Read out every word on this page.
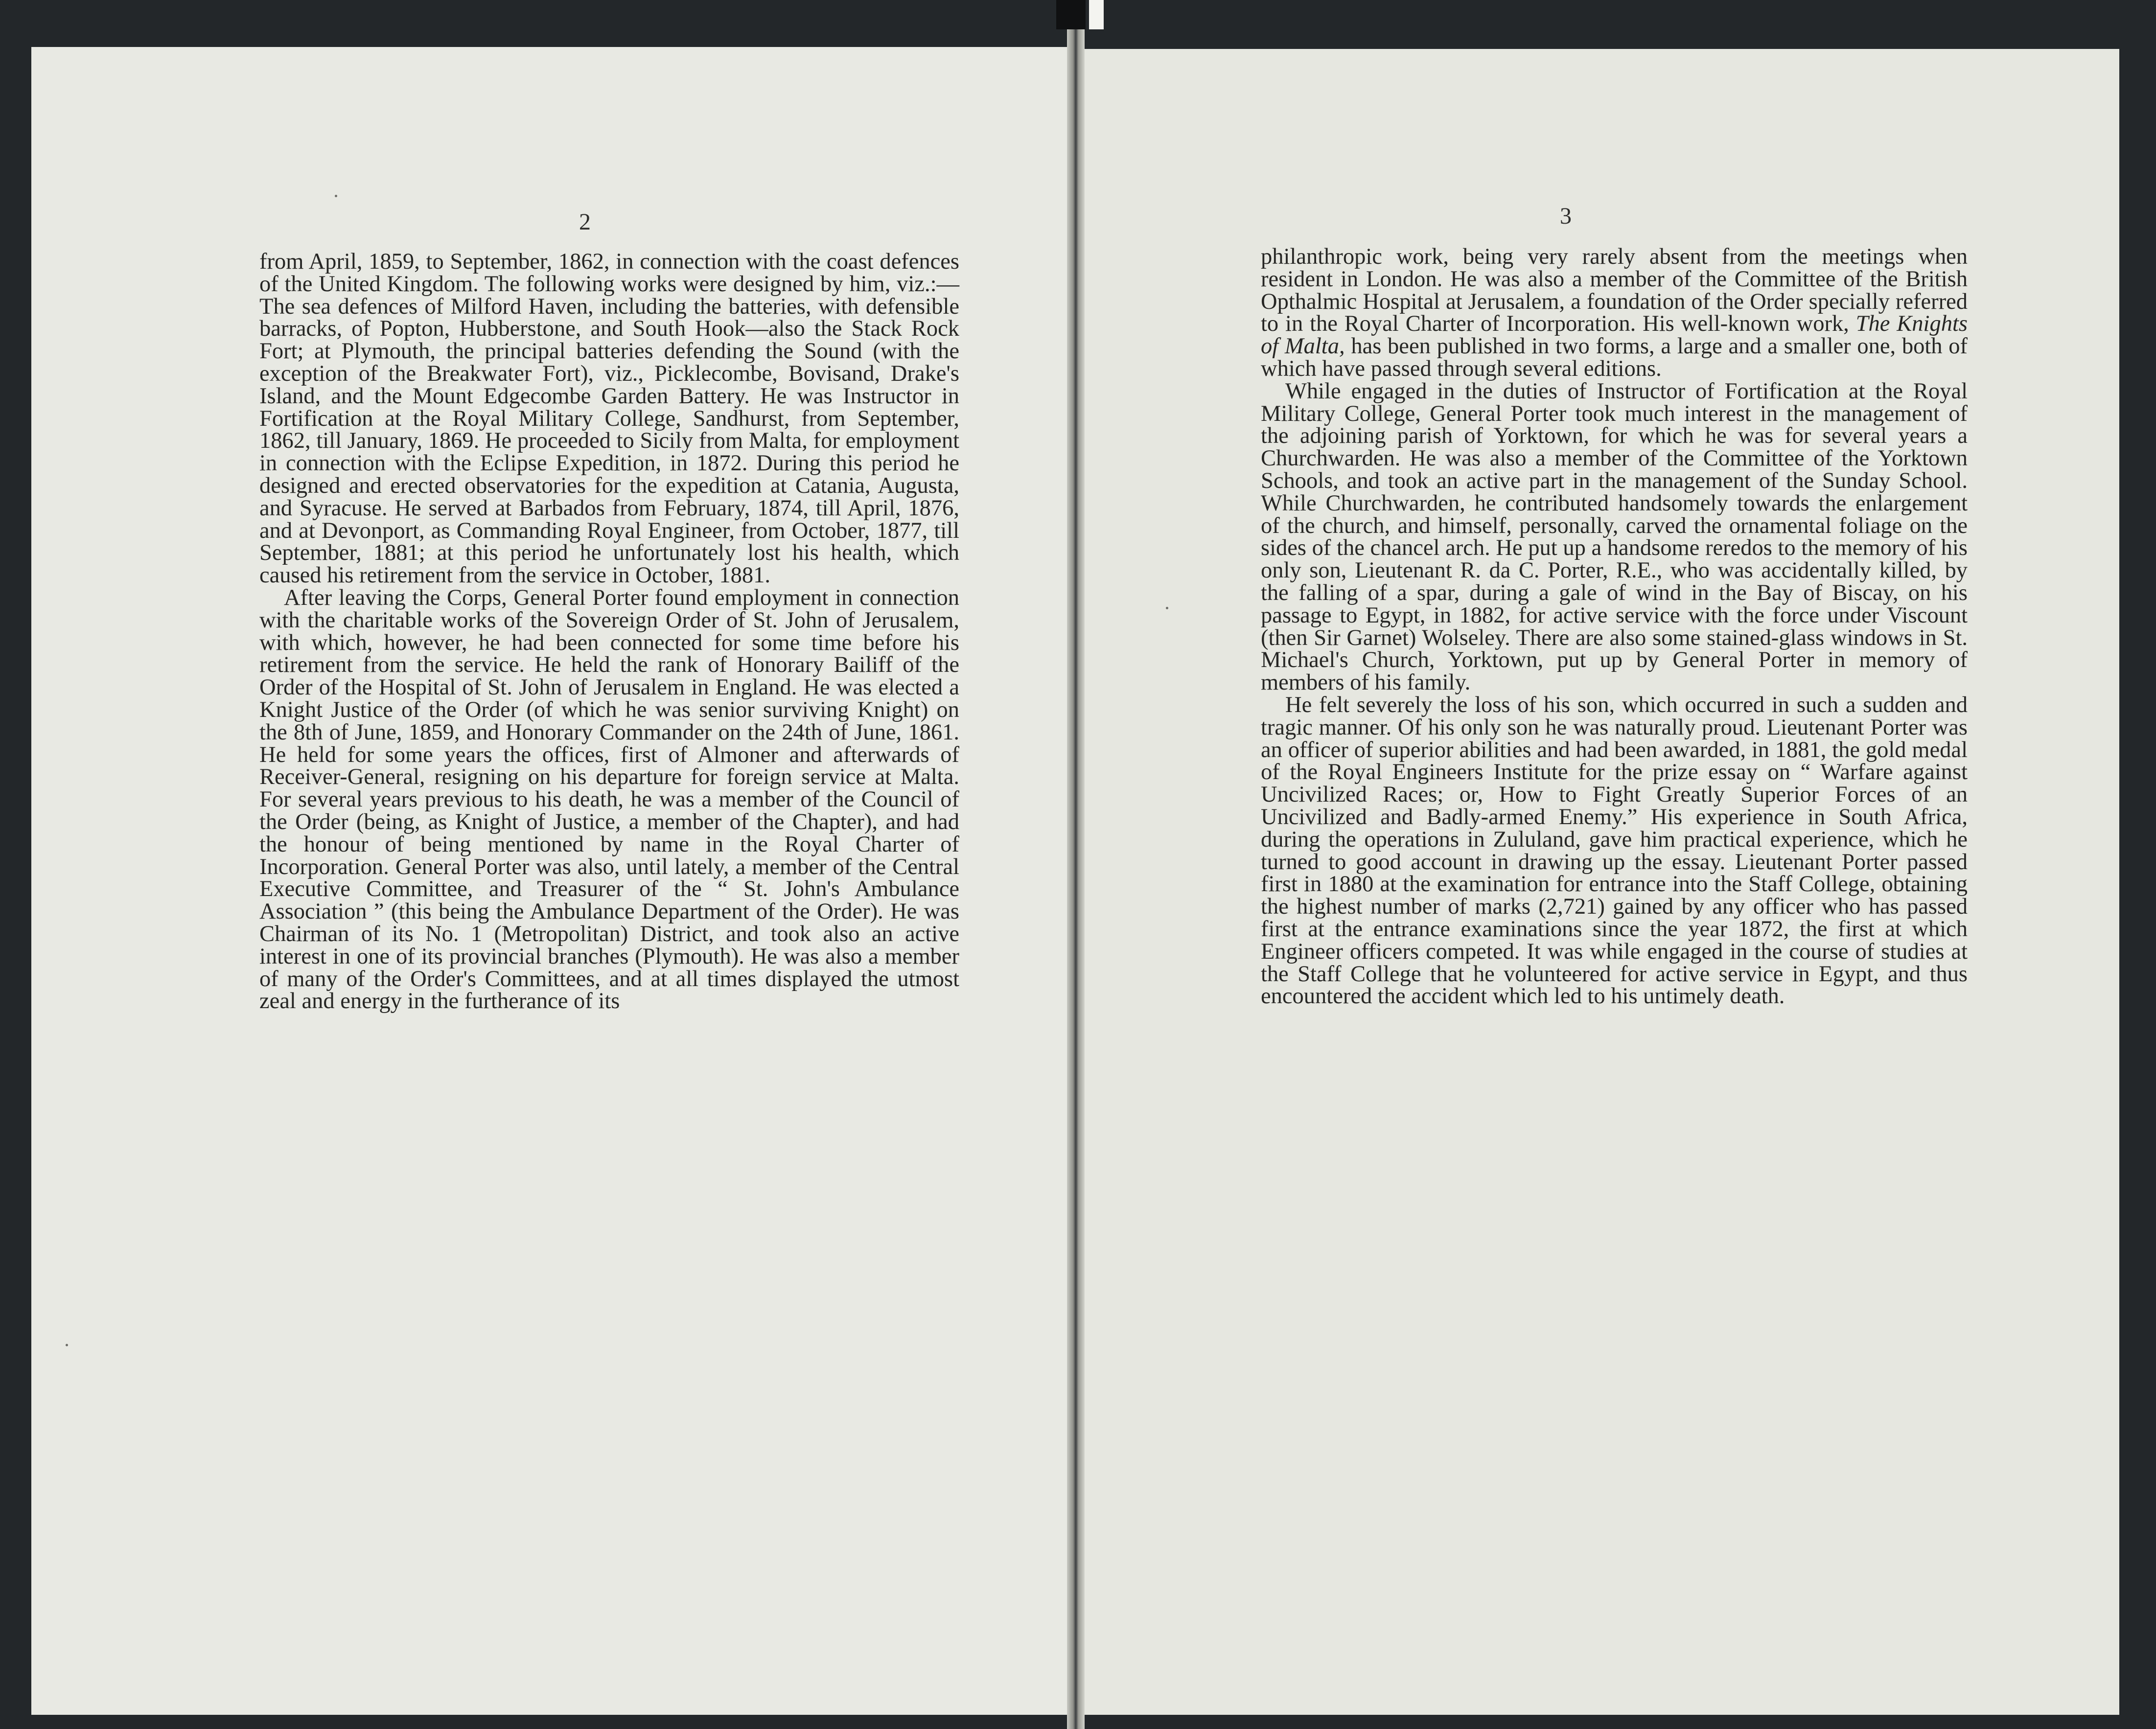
2

from April, 1859, to September, 1862, in connection with the coast defences of the United Kingdom. The following works were designed by him, viz.:—The sea defences of Milford Haven, including the batteries, with defensible barracks, of Popton, Hubberstone, and South Hook—also the Stack Rock Fort; at Plymouth, the principal batteries defending the Sound (with the exception of the Breakwater Fort), viz., Picklecombe, Bovisand, Drake's Island, and the Mount Edgecombe Garden Battery. He was Instructor in Fortification at the Royal Military College, Sandhurst, from September, 1862, till January, 1869. He proceeded to Sicily from Malta, for employment in connection with the Eclipse Expedition, in 1872. During this period he designed and erected observatories for the expedition at Catania, Augusta, and Syracuse. He served at Barbados from February, 1874, till April, 1876, and at Devonport, as Commanding Royal Engineer, from October, 1877, till September, 1881; at this period he unfortunately lost his health, which caused his retirement from the service in October, 1881.

After leaving the Corps, General Porter found employment in connection with the charitable works of the Sovereign Order of St. John of Jerusalem, with which, however, he had been connected for some time before his retirement from the service. He held the rank of Honorary Bailiff of the Order of the Hospital of St. John of Jerusalem in England. He was elected a Knight Justice of the Order (of which he was senior surviving Knight) on the 8th of June, 1859, and Honorary Commander on the 24th of June, 1861. He held for some years the offices, first of Almoner and afterwards of Receiver-General, resigning on his departure for foreign service at Malta. For several years previous to his death, he was a member of the Council of the Order (being, as Knight of Justice, a member of the Chapter), and had the honour of being mentioned by name in the Royal Charter of Incorporation. General Porter was also, until lately, a member of the Central Executive Committee, and Treasurer of the “ St. John's Ambulance Association ” (this being the Ambulance Department of the Order). He was Chairman of its No. 1 (Metropolitan) District, and took also an active interest in one of its provincial branches (Plymouth). He was also a member of many of the Order's Committees, and at all times displayed the utmost zeal and energy in the furtherance of its

3

philanthropic work, being very rarely absent from the meetings when resident in London. He was also a member of the Committee of the British Opthalmic Hospital at Jerusalem, a foundation of the Order specially referred to in the Royal Charter of Incorporation. His well-known work, The Knights of Malta, has been published in two forms, a large and a smaller one, both of which have passed through several editions.

While engaged in the duties of Instructor of Fortification at the Royal Military College, General Porter took much interest in the management of the adjoining parish of Yorktown, for which he was for several years a Churchwarden. He was also a member of the Committee of the Yorktown Schools, and took an active part in the management of the Sunday School. While Churchwarden, he contributed handsomely towards the enlargement of the church, and himself, personally, carved the ornamental foliage on the sides of the chancel arch. He put up a handsome reredos to the memory of his only son, Lieutenant R. da C. Porter, R.E., who was accidentally killed, by the falling of a spar, during a gale of wind in the Bay of Biscay, on his passage to Egypt, in 1882, for active service with the force under Viscount (then Sir Garnet) Wolseley. There are also some stained-glass windows in St. Michael's Church, Yorktown, put up by General Porter in memory of members of his family.

He felt severely the loss of his son, which occurred in such a sudden and tragic manner. Of his only son he was naturally proud. Lieutenant Porter was an officer of superior abilities and had been awarded, in 1881, the gold medal of the Royal Engineers Institute for the prize essay on “ Warfare against Uncivilized Races; or, How to Fight Greatly Superior Forces of an Uncivilized and Badly-armed Enemy.” His experience in South Africa, during the operations in Zululand, gave him practical experience, which he turned to good account in drawing up the essay. Lieutenant Porter passed first in 1880 at the examination for entrance into the Staff College, obtaining the highest number of marks (2,721) gained by any officer who has passed first at the entrance examinations since the year 1872, the first at which Engineer officers competed. It was while engaged in the course of studies at the Staff College that he volunteered for active service in Egypt, and thus encountered the accident which led to his untimely death.
